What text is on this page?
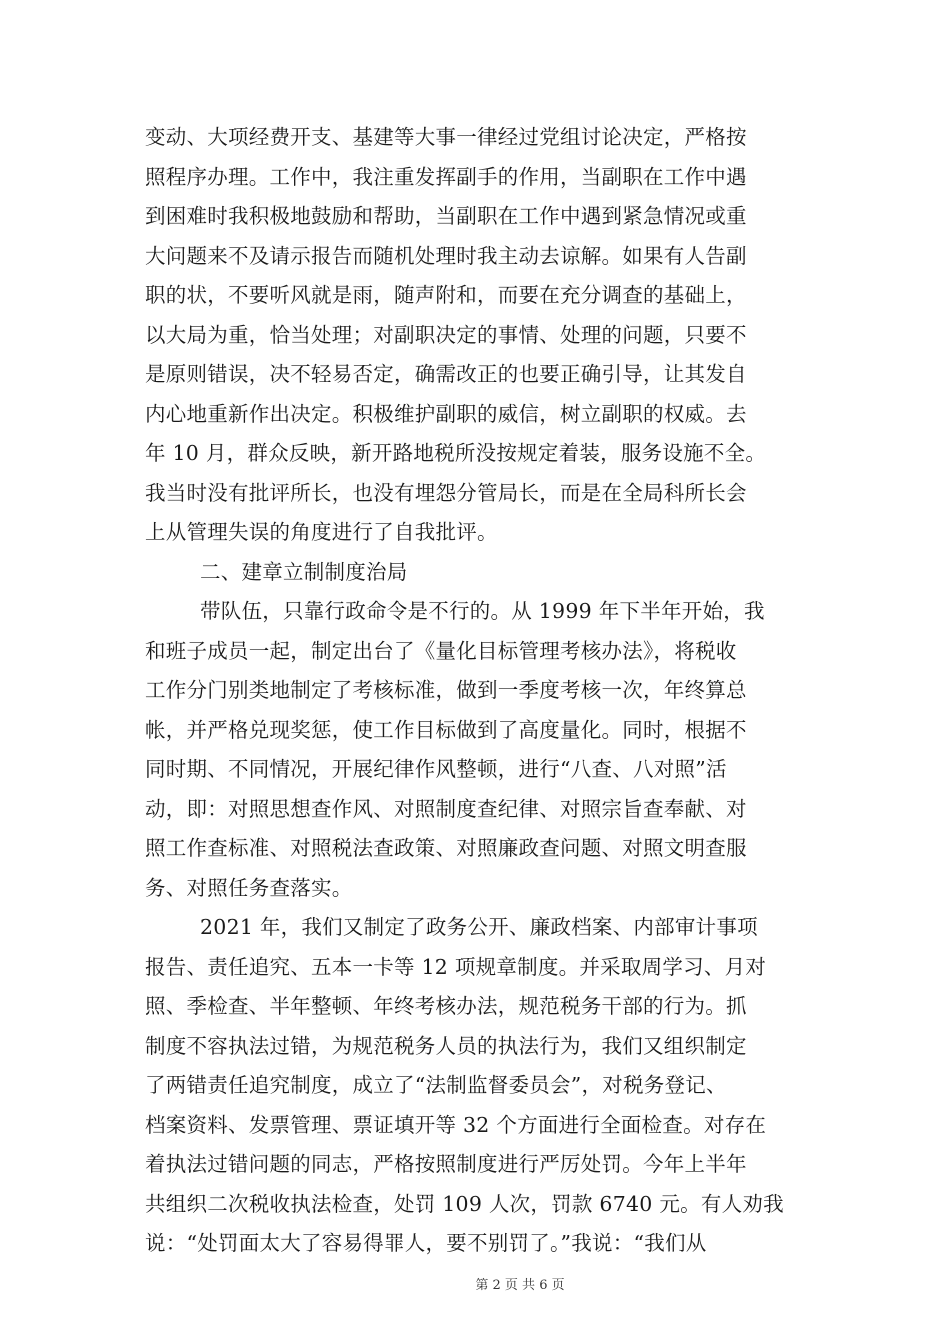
变动、大项经费开支、基建等大事一律经过党组讨论决定，严格按
照程序办理。工作中，我注重发挥副手的作用，当副职在工作中遇
到困难时我积极地鼓励和帮助，当副职在工作中遇到紧急情况或重
大问题来不及请示报告而随机处理时我主动去谅解。如果有人告副
职的状，不要听风就是雨，随声附和，而要在充分调查的基础上，
以大局为重，恰当处理；对副职决定的事情、处理的问题，只要不
是原则错误，决不轻易否定，确需改正的也要正确引导，让其发自
内心地重新作出决定。积极维护副职的威信，树立副职的权威。去
年 10 月，群众反映，新开路地税所没按规定着装，服务设施不全。
我当时没有批评所长，也没有埋怨分管局长，而是在全局科所长会
上从管理失误的角度进行了自我批评。
二、建章立制制度治局
带队伍，只靠行政命令是不行的。从 1999 年下半年开始，我
和班子成员一起，制定出台了《量化目标管理考核办法》，将税收
工作分门别类地制定了考核标准，做到一季度考核一次，年终算总
帐，并严格兑现奖惩，使工作目标做到了高度量化。同时，根据不
同时期、不同情况，开展纪律作风整顿，进行“八查、八对照”活
动，即：对照思想查作风、对照制度查纪律、对照宗旨查奉献、对
照工作查标准、对照税法查政策、对照廉政查问题、对照文明查服
务、对照任务查落实。
2021 年，我们又制定了政务公开、廉政档案、内部审计事项
报告、责任追究、五本一卡等 12 项规章制度。并采取周学习、月对
照、季检查、半年整顿、年终考核办法，规范税务干部的行为。抓
制度不容执法过错，为规范税务人员的执法行为，我们又组织制定
了两错责任追究制度，成立了“法制监督委员会”，对税务登记、
档案资料、发票管理、票证填开等 32 个方面进行全面检查。对存在
着执法过错问题的同志，严格按照制度进行严厉处罚。今年上半年
共组织二次税收执法检查，处罚 109 人次，罚款 6740 元。有人劝我
说：“处罚面太大了容易得罪人，要不别罚了。”我说：“我们从
第 2 页 共 6 页
